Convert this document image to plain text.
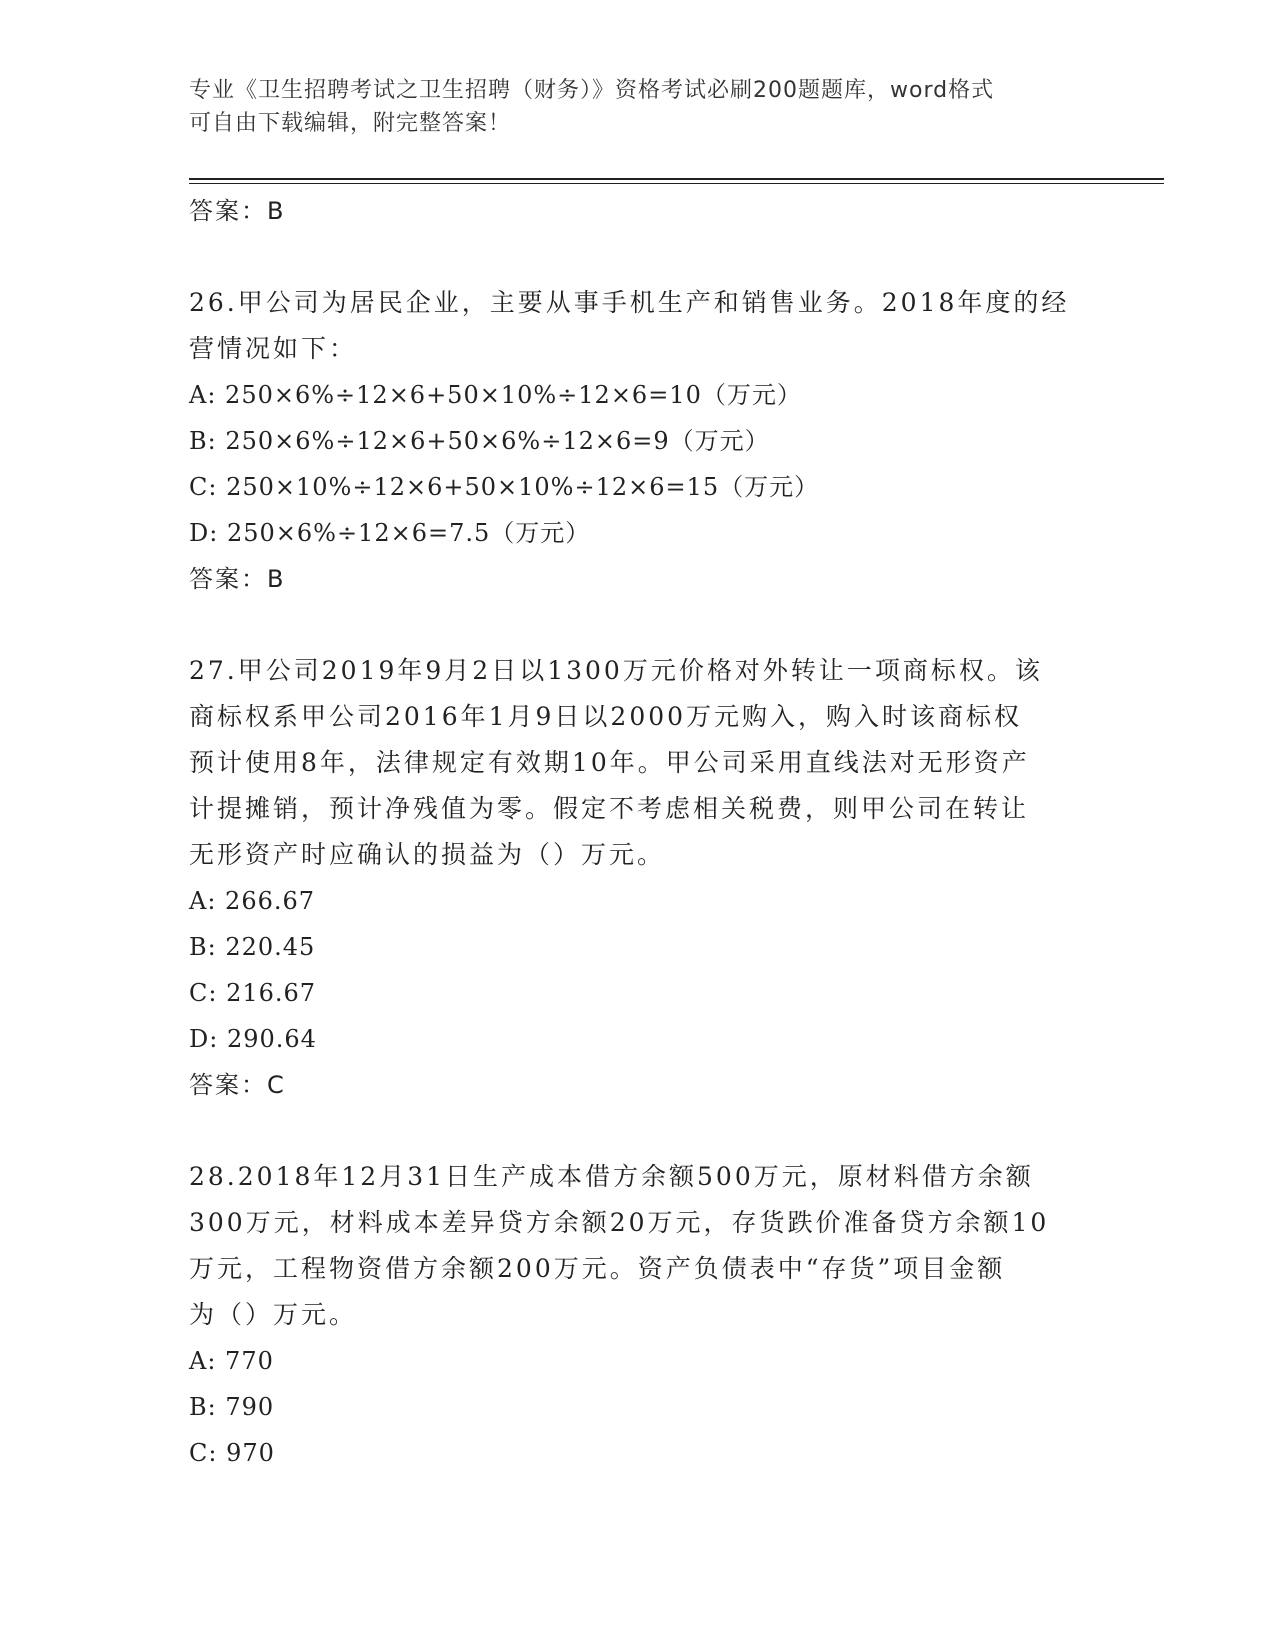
专业《卫生招聘考试之卫生招聘（财务）》资格考试必刷200题题库，word格式
可自由下载编辑，附完整答案！
答案：B
26.甲公司为居民企业，主要从事手机生产和销售业务。2018年度的经
营情况如下：
A: 250×6%÷12×6+50×10%÷12×6=10（万元）
B: 250×6%÷12×6+50×6%÷12×6=9（万元）
C: 250×10%÷12×6+50×10%÷12×6=15（万元）
D: 250×6%÷12×6=7.5（万元）
答案：B
27.甲公司2019年9月2日以1300万元价格对外转让一项商标权。该
商标权系甲公司2016年1月9日以2000万元购入，购入时该商标权
预计使用8年，法律规定有效期10年。甲公司采用直线法对无形资产
计提摊销，预计净残值为零。假定不考虑相关税费，则甲公司在转让
无形资产时应确认的损益为（）万元。
A: 266.67
B: 220.45
C: 216.67
D: 290.64
答案：C
28.2018年12月31日生产成本借方余额500万元，原材料借方余额
300万元，材料成本差异贷方余额20万元，存货跌价准备贷方余额10
万元，工程物资借方余额200万元。资产负债表中“存货”项目金额
为（）万元。
A: 770
B: 790
C: 970
